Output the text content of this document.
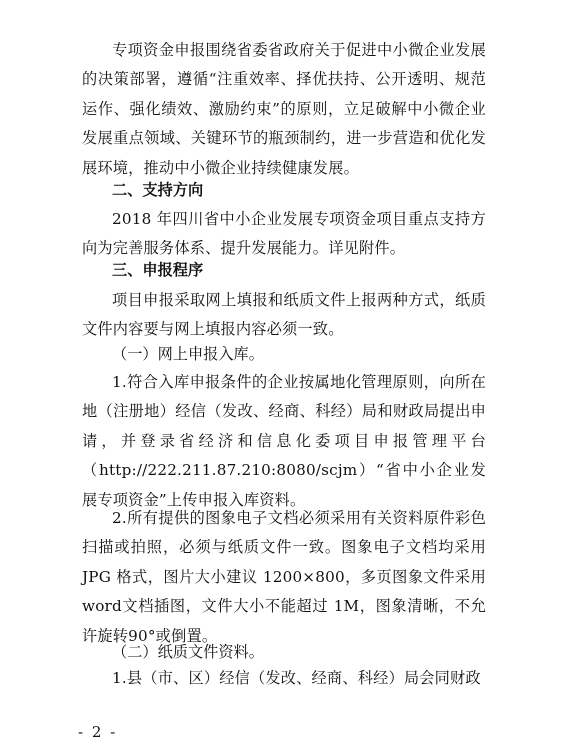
专项资金申报围绕省委省政府关于促进中小微企业发展的决策部署，遵循“注重效率、择优扶持、公开透明、规范运作、强化绩效、激励约束”的原则，立足破解中小微企业发展重点领域、关键环节的瓶颈制约，进一步营造和优化发展环境，推动中小微企业持续健康发展。
二、支持方向
2018 年四川省中小企业发展专项资金项目重点支持方向为完善服务体系、提升发展能力。详见附件。
三、申报程序
项目申报采取网上填报和纸质文件上报两种方式，纸质文件内容要与网上填报内容必须一致。
（一）网上申报入库。
1.符合入库申报条件的企业按属地化管理原则，向所在地（注册地）经信（发改、经商、科经）局和财政局提出申请，并登录省经济和信息化委项目申报管理平台（http://222.211.87.210:8080/scjm）“省中小企业发展专项资金”上传申报入库资料。
2.所有提供的图象电子文档必须采用有关资料原件彩色扫描或拍照，必须与纸质文件一致。图象电子文档均采用JPG 格式，图片大小建议 1200×800，多页图象文件采用 word文档插图，文件大小不能超过 1M，图象清晰，不允许旋转90°或倒置。
（二）纸质文件资料。
1.县（市、区）经信（发改、经商、科经）局会同财政
- 2 -
